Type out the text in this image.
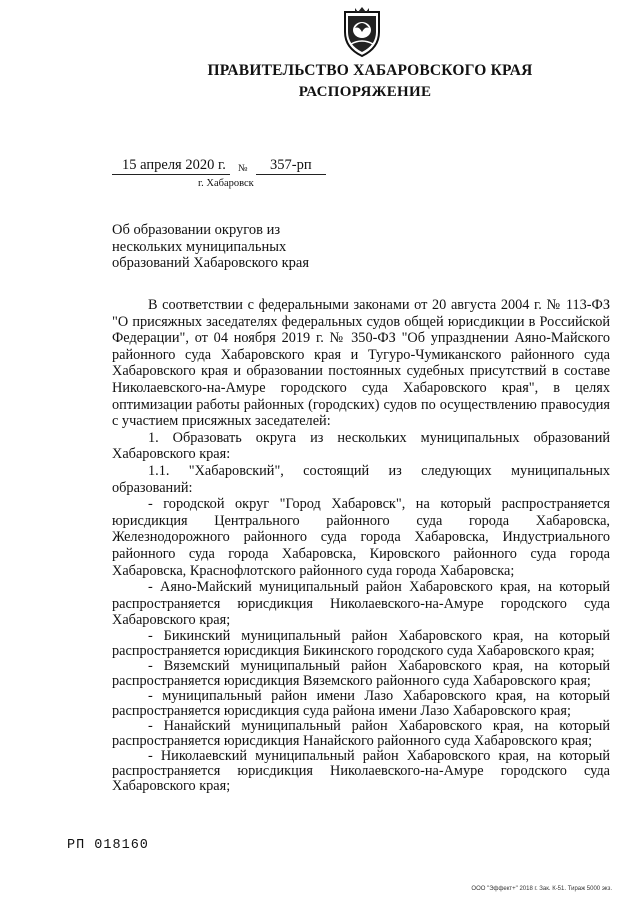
ПРАВИТЕЛЬСТВО ХАБАРОВСКОГО КРАЯ
РАСПОРЯЖЕНИЕ
15 апреля 2020 г.	№	357-рп
г. Хабаровск

Об образовании округов из нескольких муниципальных образований Хабаровского края

В соответствии с федеральными законами от 20 августа 2004 г. № 113-ФЗ "О присяжных заседателях федеральных судов общей юрисдикции в Российской Федерации", от 04 ноября 2019 г. № 350-ФЗ "Об упразднении Аяно-Майского районного суда Хабаровского края и Тугуро-Чумиканского районного суда Хабаровского края и образовании постоянных судебных присутствий в составе Николаевского-на-Амуре городского суда Хабаровского края", в целях оптимизации работы районных (городских) судов по осуществлению правосудия с участием присяжных заседателей:

1. Образовать округа из нескольких муниципальных образований Хабаровского края:

1.1. "Хабаровский", состоящий из следующих муниципальных образований:

- городской округ "Город Хабаровск", на который распространяется юрисдикция Центрального районного суда города Хабаровска, Железнодорожного районного суда города Хабаровска, Индустриального районного суда города Хабаровска, Кировского районного суда города Хабаровска, Краснофлотского районного суда города Хабаровска;

- Аяно-Майский муниципальный район Хабаровского края, на который распространяется юрисдикция Николаевского-на-Амуре городского суда Хабаровского края;

- Бикинский муниципальный район Хабаровского края, на который распространяется юрисдикция Бикинского городского суда Хабаровского края;

- Вяземский муниципальный район Хабаровского края, на который распространяется юрисдикция Вяземского районного суда Хабаровского края;

- муниципальный район имени Лазо Хабаровского края, на который распространяется юрисдикция суда района имени Лазо Хабаровского края;

- Нанайский муниципальный район Хабаровского края, на который распространяется юрисдикция Нанайского районного суда Хабаровского края;

- Николаевский муниципальный район Хабаровского края, на который распространяется юрисдикция Николаевского-на-Амуре городского суда Хабаровского края;

РП 018160
ООО "Эффект+" 2018 г. Зак. К-51. Тираж 5000 экз.
